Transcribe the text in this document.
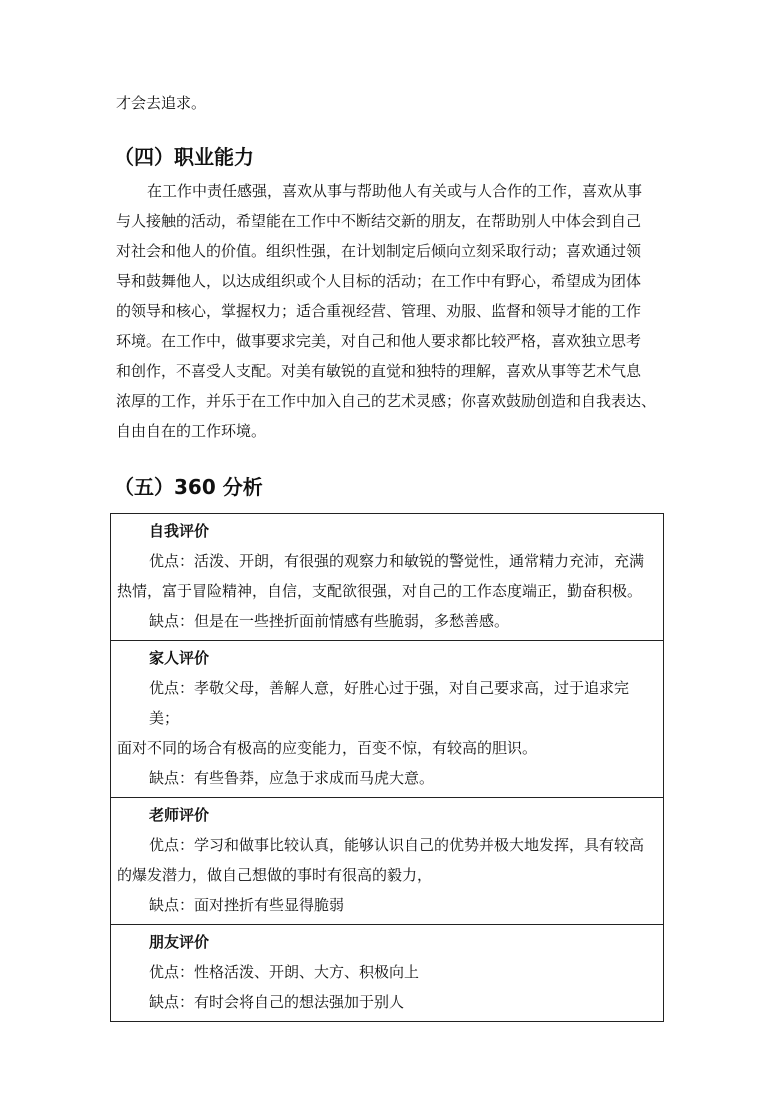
才会去追求。
（四）职业能力
在工作中责任感强，喜欢从事与帮助他人有关或与人合作的工作，喜欢从事
与人接触的活动，希望能在工作中不断结交新的朋友，在帮助别人中体会到自己
对社会和他人的价值。组织性强，在计划制定后倾向立刻采取行动；喜欢通过领
导和鼓舞他人，以达成组织或个人目标的活动；在工作中有野心，希望成为团体
的领导和核心，掌握权力；适合重视经营、管理、劝服、监督和领导才能的工作
环境。在工作中，做事要求完美，对自己和他人要求都比较严格，喜欢独立思考
和创作，不喜受人支配。对美有敏锐的直觉和独特的理解，喜欢从事等艺术气息
浓厚的工作，并乐于在工作中加入自己的艺术灵感；你喜欢鼓励创造和自我表达、
自由自在的工作环境。
（五）360 分析
自我评价
优点：活泼、开朗，有很强的观察力和敏锐的警觉性，通常精力充沛，充满
热情，富于冒险精神，自信，支配欲很强，对自己的工作态度端正，勤奋积极。
缺点：但是在一些挫折面前情感有些脆弱，多愁善感。
家人评价
优点：孝敬父母，善解人意，好胜心过于强，对自己要求高，过于追求完美；
面对不同的场合有极高的应变能力，百变不惊，有较高的胆识。
缺点：有些鲁莽，应急于求成而马虎大意。
老师评价
优点：学习和做事比较认真，能够认识自己的优势并极大地发挥，具有较高
的爆发潜力，做自己想做的事时有很高的毅力，
缺点：面对挫折有些显得脆弱
朋友评价
优点：性格活泼、开朗、大方、积极向上
缺点：有时会将自己的想法强加于别人
